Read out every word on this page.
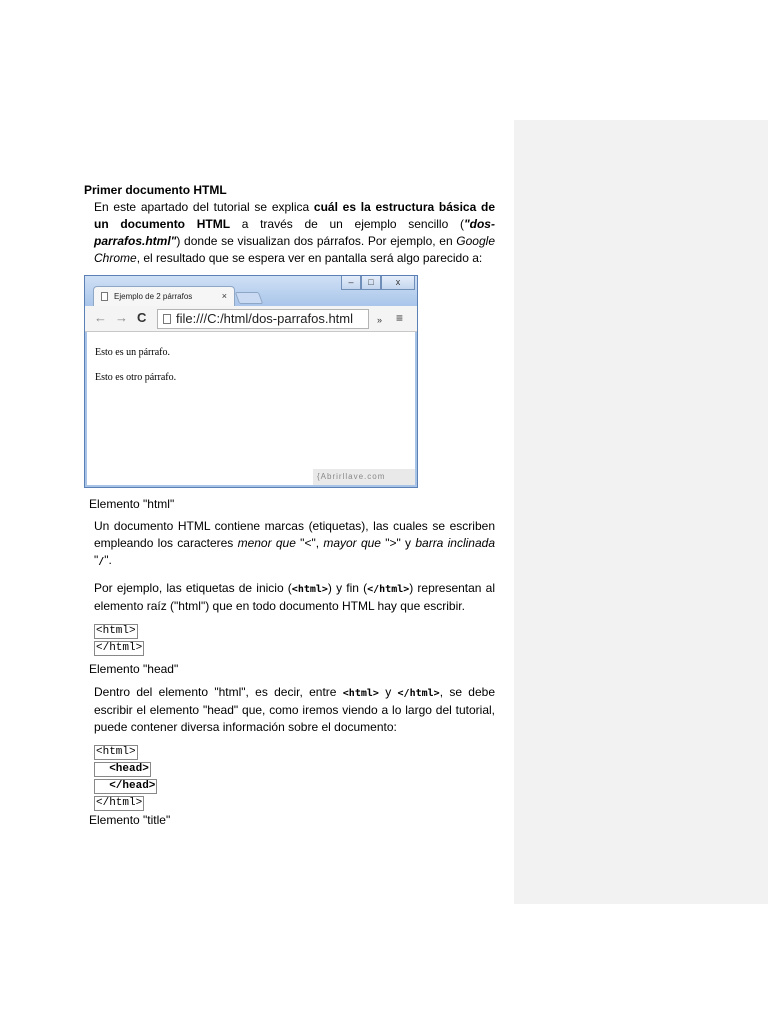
Primer documento HTML

En este apartado del tutorial se explica cuál es la estructura básica de un documento HTML a través de un ejemplo sencillo ("dos-parrafos.html") donde se visualizan dos párrafos. Por ejemplo, en Google Chrome, el resultado que se espera ver en pantalla será algo parecido a:

Ejemplo de 2 párrafos	×
–	□	x
← → C	file:///C:/html/dos-parrafos.html	» ≡
Esto es un párrafo.
Esto es otro párrafo.
{Abrirllave.com
Elemento "html"

Un documento HTML contiene marcas (etiquetas), las cuales se escriben empleando los caracteres menor que "<", mayor que ">" y barra inclinada "/".

Por ejemplo, las etiquetas de inicio (<html>) y fin (</html>) representan al elemento raíz ("html") que en todo documento HTML hay que escribir.

<html>
</html>
Elemento "head"

Dentro del elemento "html", es decir, entre <html> y </html>, se debe escribir el elemento "head" que, como iremos viendo a lo largo del tutorial, puede contener diversa información sobre el documento:

<html>
<head>
</head>
</html>
Elemento "title"
